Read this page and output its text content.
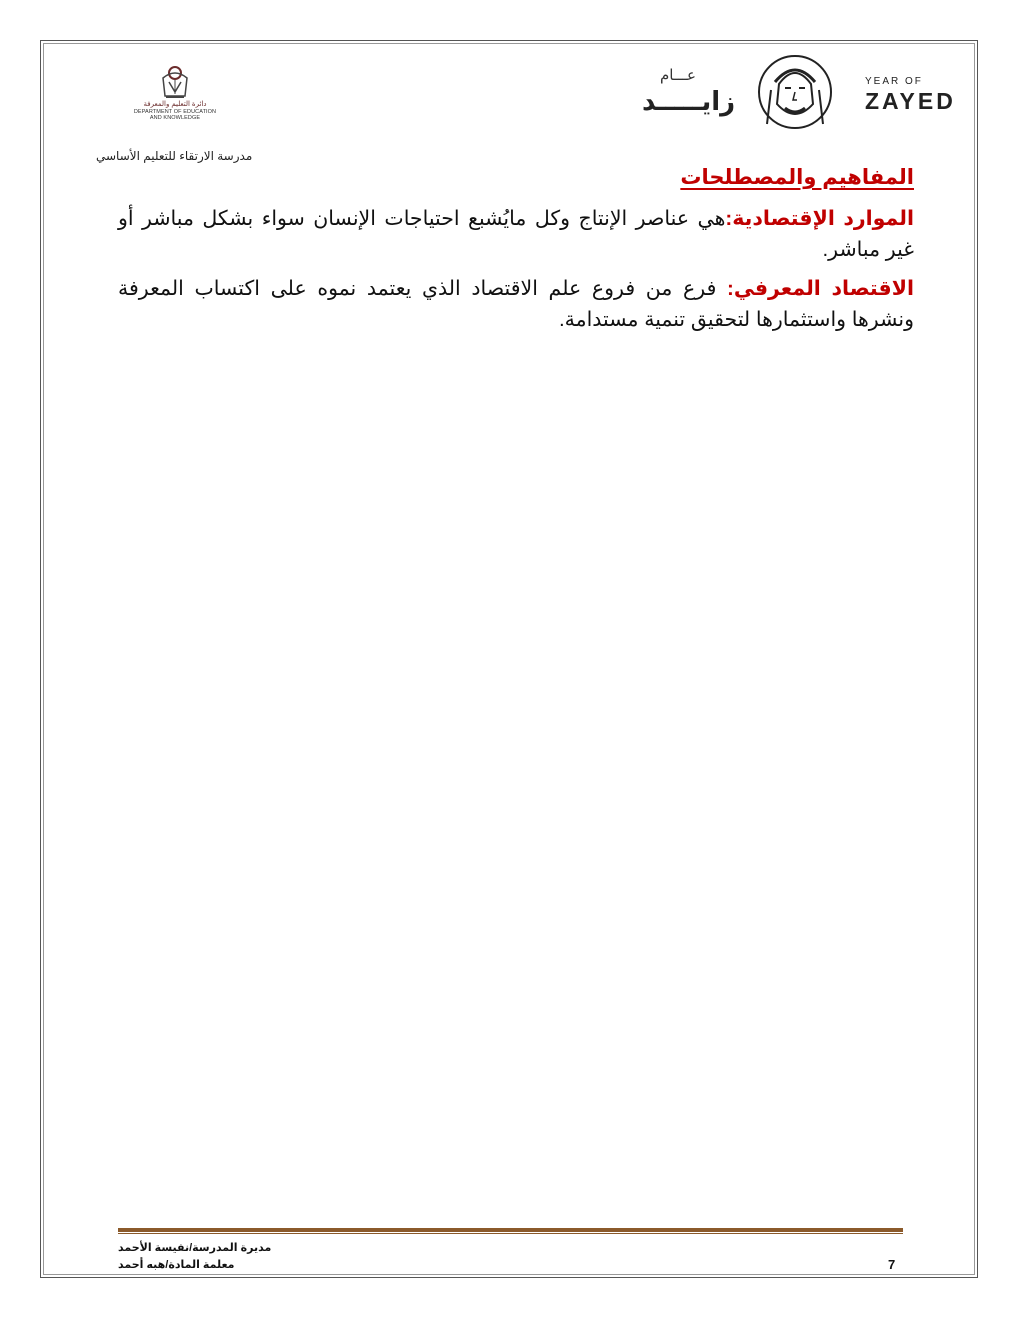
دائرة التعليم والمعرفة
DEPARTMENT OF EDUCATION
AND KNOWLEDGE
مدرسة الارتقاء للتعليم الأساسي
عـــام
زايـــــد
YEAR OF
ZAYED
المفاهيم والمصطلحات

الموارد الإقتصادية:هي عناصر الإنتاج وكل مايُشبع احتياجات الإنسان سواء بشكل مباشر أو غير مباشر.

الاقتصاد المعرفي: فرع من فروع علم الاقتصاد الذي يعتمد نموه على اكتساب المعرفة ونشرها واستثمارها لتحقيق تنمية مستدامة.

مديرة المدرسة/نفيسة الأحمد
معلمة المادة/هبه أحمد	7
